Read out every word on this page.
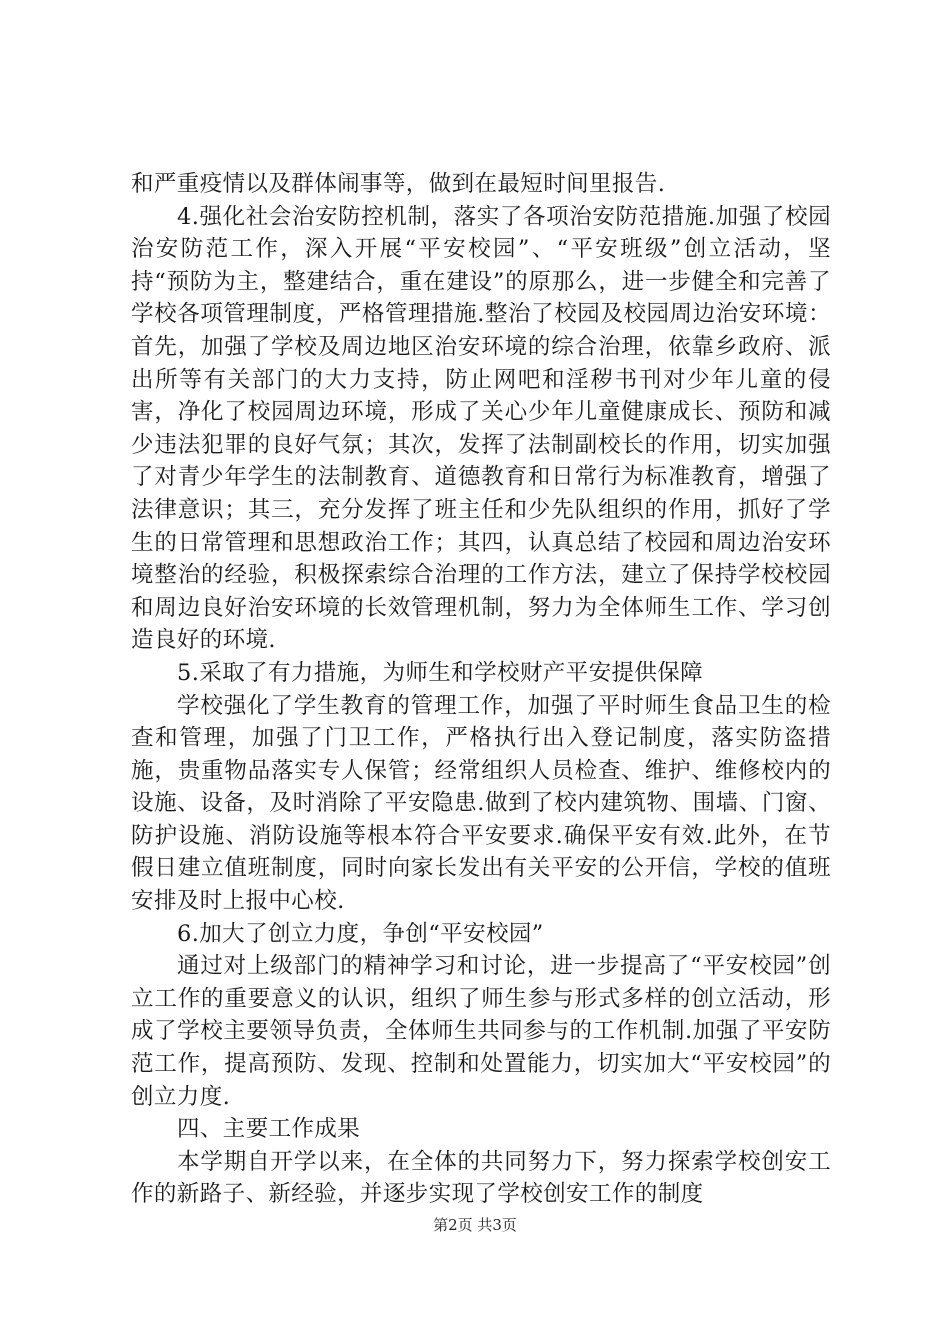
和严重疫情以及群体闹事等，做到在最短时间里报告.

4.强化社会治安防控机制，落实了各项治安防范措施.加强了校园治安防范工作，深入开展“平安校园”、“平安班级”创立活动，坚持“预防为主，整建结合，重在建设”的原那么，进一步健全和完善了学校各项管理制度，严格管理措施.整治了校园及校园周边治安环境：首先，加强了学校及周边地区治安环境的综合治理，依靠乡政府、派出所等有关部门的大力支持，防止网吧和淫秽书刊对少年儿童的侵害，净化了校园周边环境，形成了关心少年儿童健康成长、预防和减少违法犯罪的良好气氛；其次，发挥了法制副校长的作用，切实加强了对青少年学生的法制教育、道德教育和日常行为标准教育，增强了法律意识；其三，充分发挥了班主任和少先队组织的作用，抓好了学生的日常管理和思想政治工作；其四，认真总结了校园和周边治安环境整治的经验，积极探索综合治理的工作方法，建立了保持学校校园和周边良好治安环境的长效管理机制，努力为全体师生工作、学习创造良好的环境.

5.采取了有力措施，为师生和学校财产平安提供保障

学校强化了学生教育的管理工作，加强了平时师生食品卫生的检查和管理，加强了门卫工作，严格执行出入登记制度，落实防盗措施，贵重物品落实专人保管；经常组织人员检查、维护、维修校内的设施、设备，及时消除了平安隐患.做到了校内建筑物、围墙、门窗、防护设施、消防设施等根本符合平安要求.确保平安有效.此外，在节假日建立值班制度，同时向家长发出有关平安的公开信，学校的值班安排及时上报中心校.

6.加大了创立力度，争创“平安校园”

通过对上级部门的精神学习和讨论，进一步提高了“平安校园”创立工作的重要意义的认识，组织了师生参与形式多样的创立活动，形成了学校主要领导负责，全体师生共同参与的工作机制.加强了平安防范工作，提高预防、发现、控制和处置能力，切实加大“平安校园”的创立力度.

四、主要工作成果

本学期自开学以来，在全体的共同努力下，努力探索学校创安工作的新路子、新经验，并逐步实现了学校创安工作的制度

第2页 共3页
